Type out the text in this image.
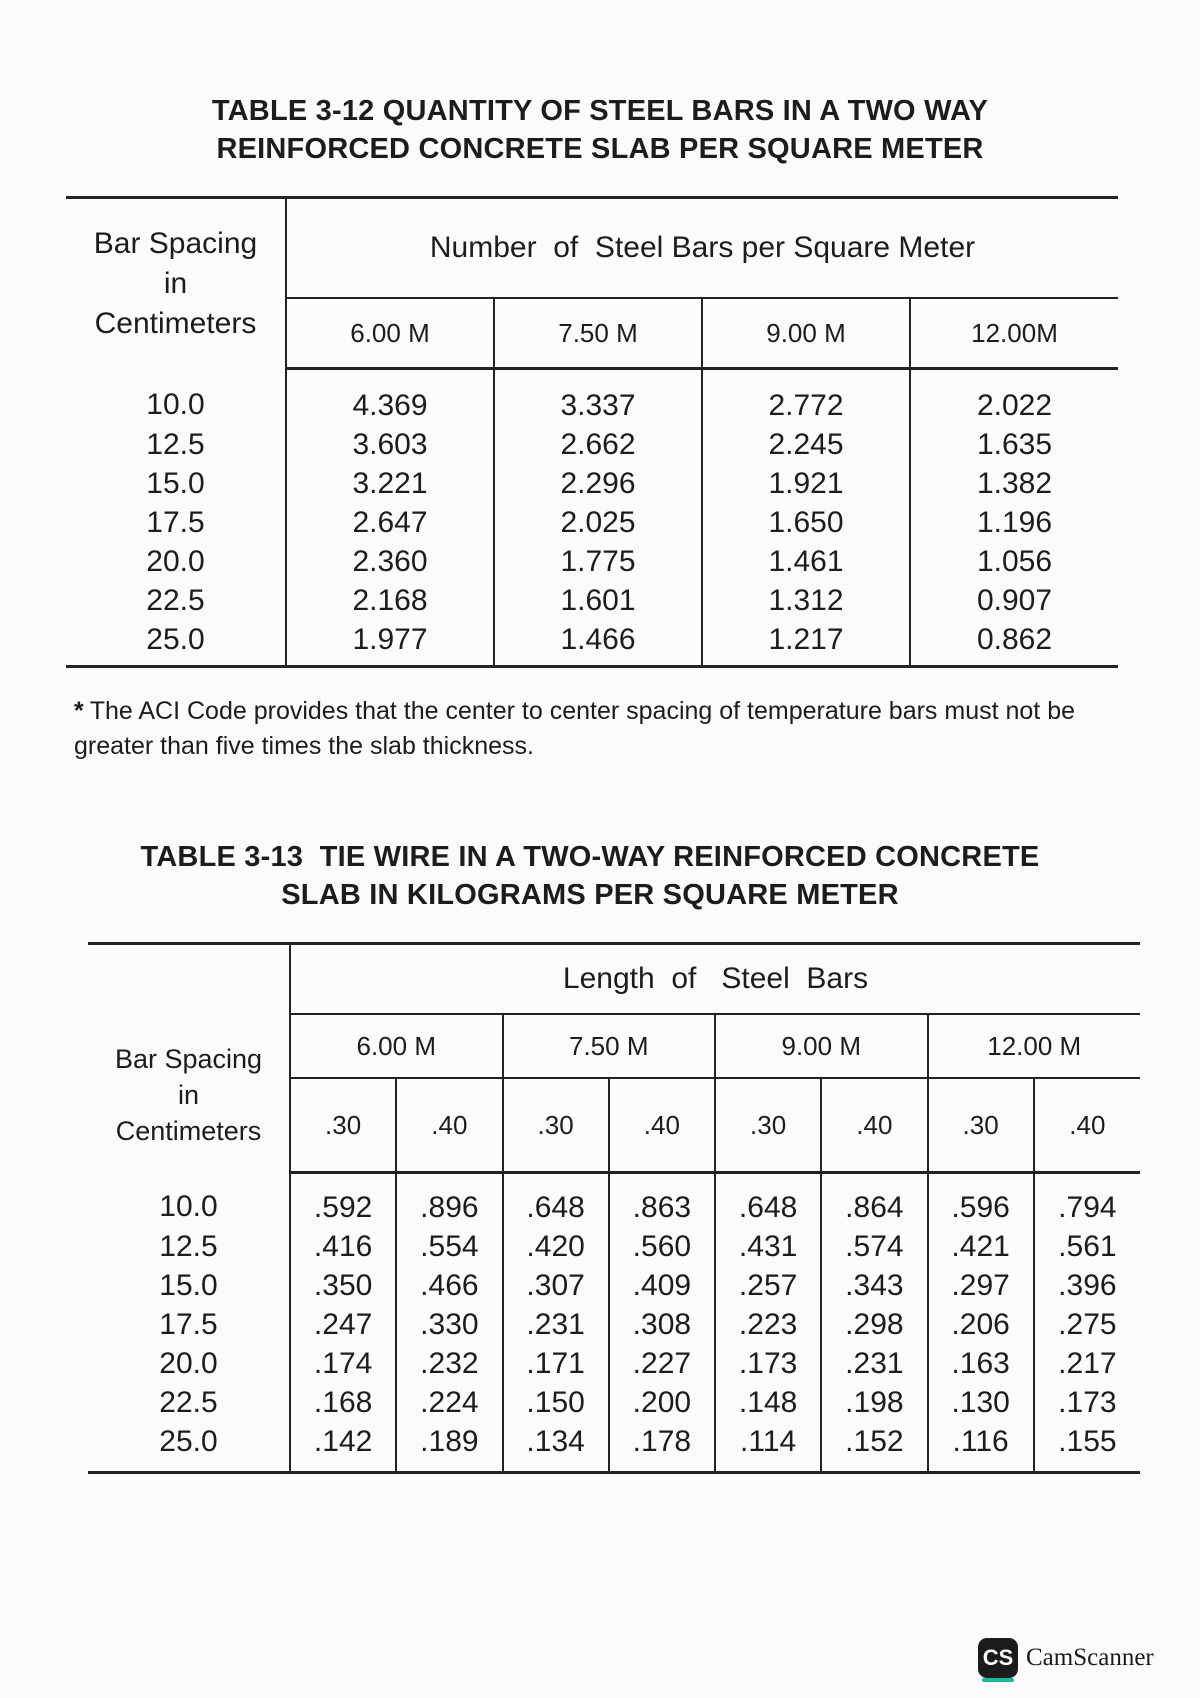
TABLE 3-12 QUANTITY OF STEEL BARS IN A TWO WAY
REINFORCED CONCRETE SLAB PER SQUARE METER
Bar Spacing
in
Centimeters	Number  of  Steel Bars per Square Meter			
	6.00 M	7.50 M	9.00 M	12.00M
10.0	4.369	3.337	2.772	2.022
12.5	3.603	2.662	2.245	1.635
15.0	3.221	2.296	1.921	1.382
17.5	2.647	2.025	1.650	1.196
20.0	2.360	1.775	1.461	1.056
22.5	2.168	1.601	1.312	0.907
25.0	1.977	1.466	1.217	0.862
* The ACI Code provides that the center to center spacing of temperature bars must not be greater than five times the slab thickness.
TABLE 3-13  TIE WIRE IN A TWO-WAY REINFORCED CONCRETE
SLAB IN KILOGRAMS PER SQUARE METER
Bar Spacing
in
Centimeters	Length  of   Steel  Bars							
	6.00 M		7.50 M		9.00 M		12.00 M	
	.30	.40	.30	.40	.30	.40	.30	.40
10.0	.592	.896	.648	.863	.648	.864	.596	.794
12.5	.416	.554	.420	.560	.431	.574	.421	.561
15.0	.350	.466	.307	.409	.257	.343	.297	.396
17.5	.247	.330	.231	.308	.223	.298	.206	.275
20.0	.174	.232	.171	.227	.173	.231	.163	.217
22.5	.168	.224	.150	.200	.148	.198	.130	.173
25.0	.142	.189	.134	.178	.114	.152	.116	.155
CS CamScanner
